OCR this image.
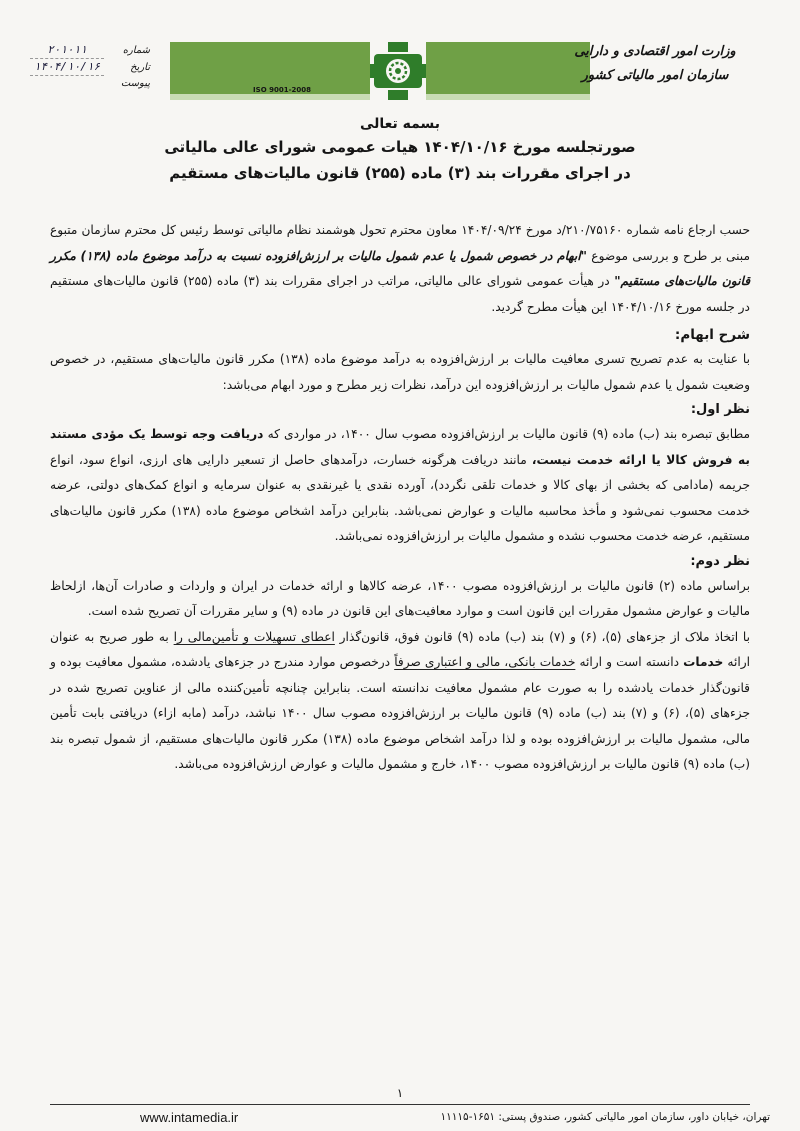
ISO 9001-2008
وزارت امور اقتصادی و دارایی
سازمان امور مالیاتی کشور
شماره
۲۰۱۰۱۱
تاریخ
۱۴۰۴/۱۰/۱۶
پیوست
بسمه تعالی
صورتجلسه مورخ ۱۴۰۴/۱۰/۱۶ هیات عمومی شورای عالی مالیاتی
در اجرای مقررات بند (۳) ماده (۲۵۵) قانون مالیات‌های مستقیم

حسب ارجاع نامه شماره ۲۱۰/۷۵۱۶۰/د مورخ ۱۴۰۴/۰۹/۲۴ معاون محترم تحول هوشمند نظام مالیاتی توسط رئیس کل محترم سازمان متبوع مبنی بر طرح و بررسی موضوع "ابهام در خصوص شمول یا عدم شمول مالیات بر ارزش‌افزوده نسبت به درآمد موضوع ماده (۱۳۸) مکرر قانون مالیات‌های مستقیم" در هیأت عمومی شورای عالی مالیاتی، مراتب در اجرای مقررات بند (۳) ماده (۲۵۵) قانون مالیات‌های مستقیم در جلسه مورخ ۱۴۰۴/۱۰/۱۶ این هیأت مطرح گردید.

شرح ابهام:

با عنایت به عدم تصریح تسری معافیت مالیات بر ارزش‌افزوده به درآمد موضوع ماده (۱۳۸) مکرر قانون مالیات‌های مستقیم، در خصوص وضعیت شمول یا عدم شمول مالیات بر ارزش‌افزوده این درآمد، نظرات زیر مطرح و مورد ابهام می‌باشد:

نظر اول:

مطابق تبصره بند (ب) ماده (۹) قانون مالیات بر ارزش‌افزوده مصوب سال ۱۴۰۰، در مواردی که دریافت وجه توسط یک مؤدی مستند به فروش کالا یا ارائه خدمت نیست، مانند دریافت هرگونه خسارت، درآمدهای حاصل از تسعیر دارایی های ارزی، انواع سود، انواع جریمه (مادامی که بخشی از بهای کالا و خدمات تلقی نگردد)، آورده نقدی یا غیرنقدی به عنوان سرمایه و انواع کمک‌های دولتی، عرضه خدمت محسوب نمی‌شود و مأخذ محاسبه مالیات و عوارض نمی‌باشد. بنابراین درآمد اشخاص موضوع ماده (۱۳۸) مکرر قانون مالیات‌های مستقیم، عرضه خدمت محسوب نشده و مشمول مالیات بر ارزش‌افزوده نمی‌باشد.

نظر دوم:

براساس ماده (۲) قانون مالیات بر ارزش‌افزوده مصوب ۱۴۰۰، عرضه کالاها و ارائه خدمات در ایران و واردات و صادرات آن‌ها، ازلحاظ مالیات و عوارض مشمول مقررات این قانون است و موارد معافیت‌های این قانون در ماده (۹) و سایر مقررات آن تصریح شده است.

با اتخاذ ملاک از جزءهای (۵)، (۶) و (۷) بند (ب) ماده (۹) قانون فوق، قانون‌گذار اعطای تسهیلات و تأمین‌مالی را به طور صریح به عنوان ارائه خدمات دانسته است و ارائه خدمات بانکی، مالی و اعتباری صرفاً درخصوص موارد مندرج در جزءهای یادشده، مشمول معافیت بوده و قانون‌گذار خدمات یادشده را به صورت عام مشمول معافیت ندانسته است. بنابراین چنانچه تأمین‌کننده مالی از عناوین تصریح شده در جزءهای (۵)، (۶) و (۷) بند (ب) ماده (۹) قانون مالیات بر ارزش‌افزوده مصوب سال ۱۴۰۰ نباشد، درآمد (مابه ازاء) دریافتی بابت تأمین مالی، مشمول مالیات بر ارزش‌افزوده بوده و لذا درآمد اشخاص موضوع ماده (۱۳۸) مکرر قانون مالیات‌های مستقیم، از شمول تبصره بند (ب) ماده (۹) قانون مالیات بر ارزش‌افزوده مصوب ۱۴۰۰، خارج و مشمول مالیات و عوارض ارزش‌افزوده می‌باشد.

۱
تهران، خیابان داور، سازمان امور مالیاتی کشور، صندوق پستی: ۱۶۵۱-۱۱۱۱۵
www.intamedia.ir
